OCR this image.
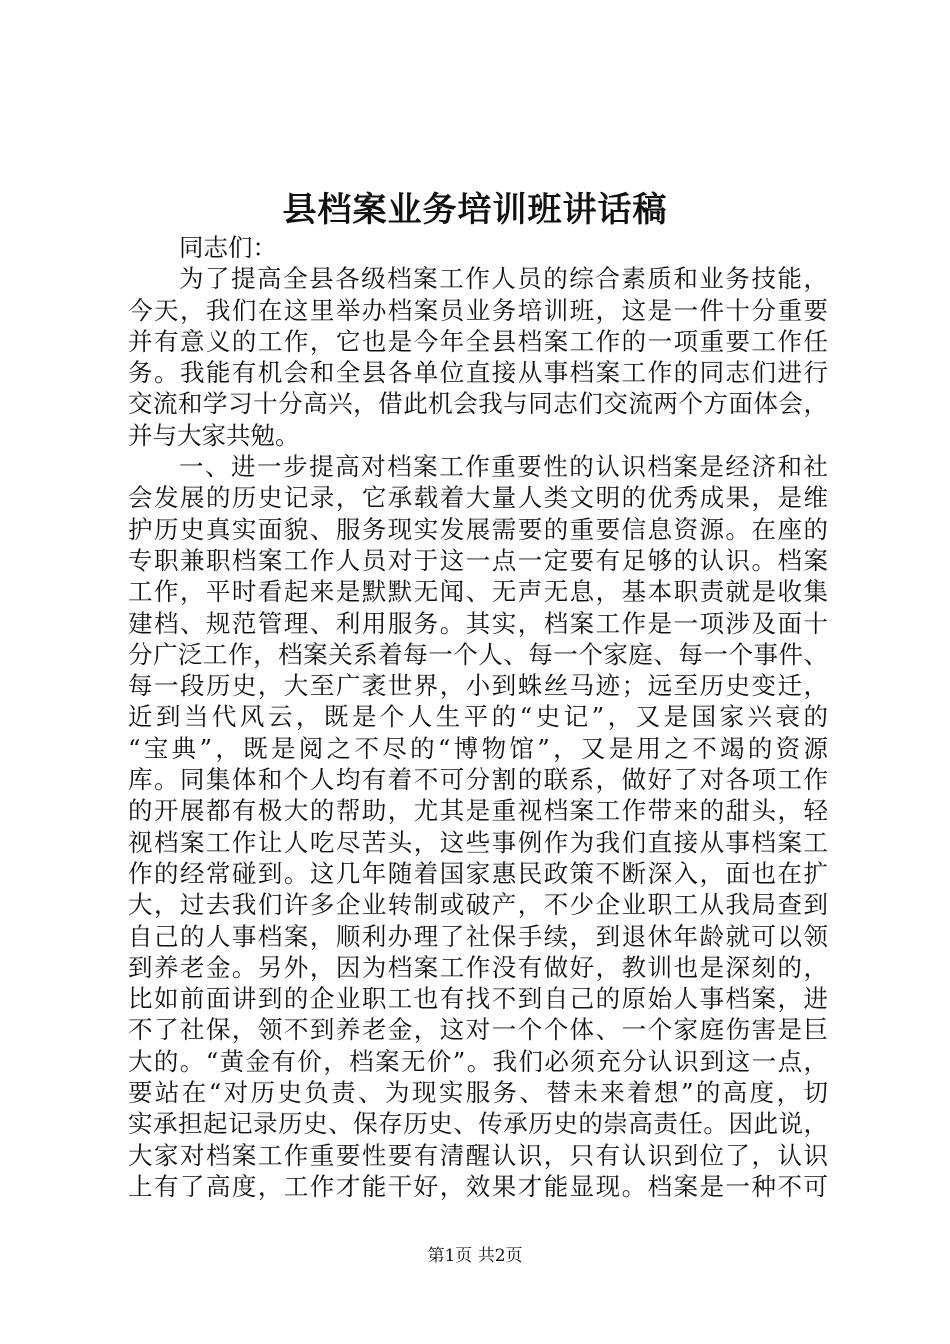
县档案业务培训班讲话稿
同志们：
为了提高全县各级档案工作人员的综合素质和业务技能，
今天，我们在这里举办档案员业务培训班，这是一件十分重要
并有意义的工作，它也是今年全县档案工作的一项重要工作任
务。我能有机会和全县各单位直接从事档案工作的同志们进行
交流和学习十分高兴，借此机会我与同志们交流两个方面体会，
并与大家共勉。
一、进一步提高对档案工作重要性的认识档案是经济和社
会发展的历史记录，它承载着大量人类文明的优秀成果，是维
护历史真实面貌、服务现实发展需要的重要信息资源。在座的
专职兼职档案工作人员对于这一点一定要有足够的认识。档案
工作，平时看起来是默默无闻、无声无息，基本职责就是收集
建档、规范管理、利用服务。其实，档案工作是一项涉及面十
分广泛工作，档案关系着每一个人、每一个家庭、每一个事件、
每一段历史，大至广袤世界，小到蛛丝马迹；远至历史变迁，
近到当代风云，既是个人生平的“史记”，又是国家兴衰的
“宝典”，既是阅之不尽的“博物馆”，又是用之不竭的资源
库。同集体和个人均有着不可分割的联系，做好了对各项工作
的开展都有极大的帮助，尤其是重视档案工作带来的甜头，轻
视档案工作让人吃尽苦头，这些事例作为我们直接从事档案工
作的经常碰到。这几年随着国家惠民政策不断深入，面也在扩
大，过去我们许多企业转制或破产，不少企业职工从我局查到
自己的人事档案，顺利办理了社保手续，到退休年龄就可以领
到养老金。另外，因为档案工作没有做好，教训也是深刻的，
比如前面讲到的企业职工也有找不到自己的原始人事档案，进
不了社保，领不到养老金，这对一个个体、一个家庭伤害是巨
大的。“黄金有价，档案无价”。我们必须充分认识到这一点，
要站在“对历史负责、为现实服务、替未来着想”的高度，切
实承担起记录历史、保存历史、传承历史的崇高责任。因此说，
大家对档案工作重要性要有清醒认识，只有认识到位了，认识
上有了高度，工作才能干好，效果才能显现。档案是一种不可
第1页 共2页
